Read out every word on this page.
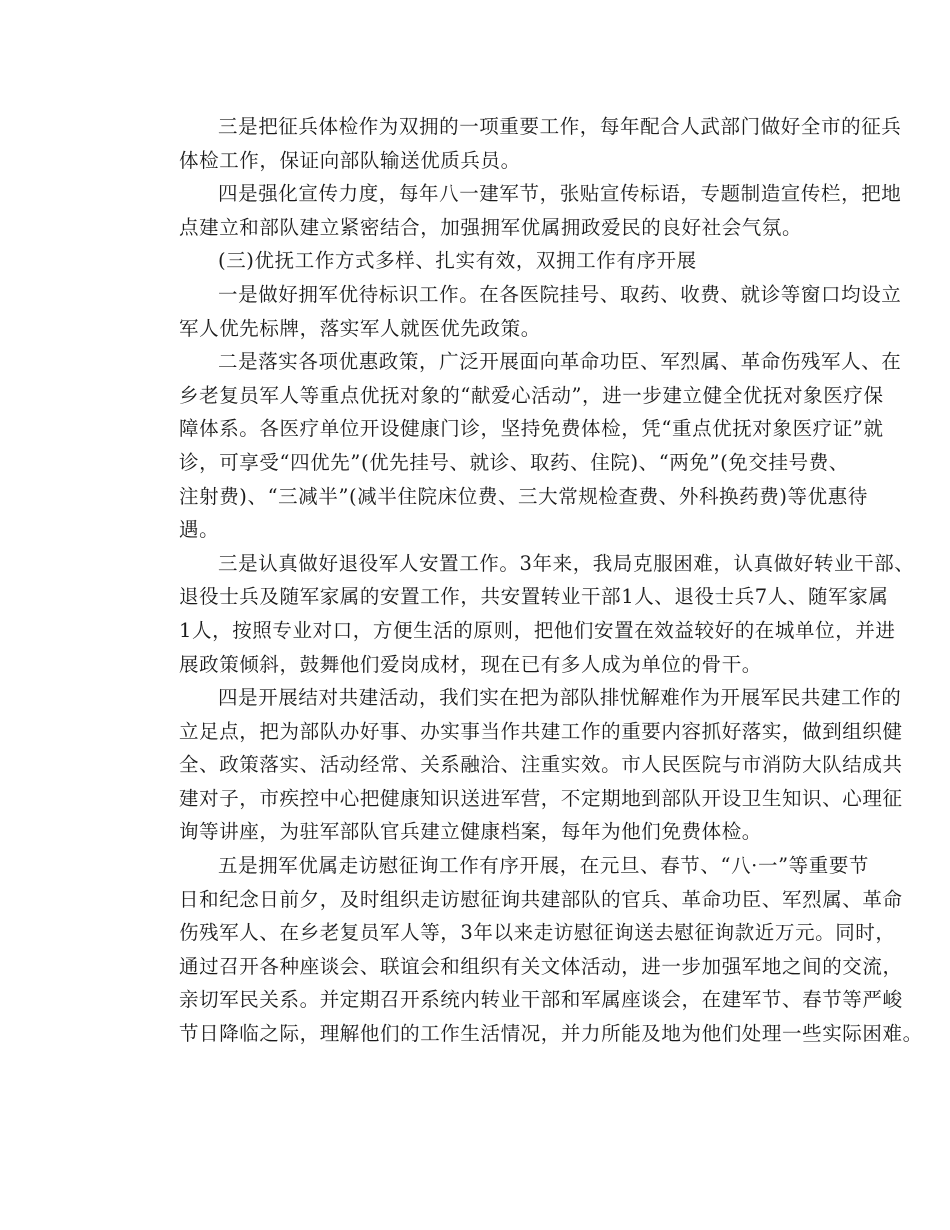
三是把征兵体检作为双拥的一项重要工作，每年配合人武部门做好全市的征兵
体检工作，保证向部队输送优质兵员。
四是强化宣传力度，每年八一建军节，张贴宣传标语，专题制造宣传栏，把地
点建立和部队建立紧密结合，加强拥军优属拥政爱民的良好社会气氛。
(三)优抚工作方式多样、扎实有效，双拥工作有序开展
一是做好拥军优待标识工作。在各医院挂号、取药、收费、就诊等窗口均设立
军人优先标牌，落实军人就医优先政策。
二是落实各项优惠政策，广泛开展面向革命功臣、军烈属、革命伤残军人、在
乡老复员军人等重点优抚对象的“献爱心活动”，进一步建立健全优抚对象医疗保
障体系。各医疗单位开设健康门诊，坚持免费体检，凭“重点优抚对象医疗证”就
诊，可享受“四优先”(优先挂号、就诊、取药、住院)、“两免”(免交挂号费、
注射费)、“三减半”(减半住院床位费、三大常规检查费、外科换药费)等优惠待
遇。
三是认真做好退役军人安置工作。3年来，我局克服困难，认真做好转业干部、
退役士兵及随军家属的安置工作，共安置转业干部1人、退役士兵7人、随军家属
1人，按照专业对口，方便生活的原则，把他们安置在效益较好的在城单位，并进
展政策倾斜，鼓舞他们爱岗成材，现在已有多人成为单位的骨干。
四是开展结对共建活动，我们实在把为部队排忧解难作为开展军民共建工作的
立足点，把为部队办好事、办实事当作共建工作的重要内容抓好落实，做到组织健
全、政策落实、活动经常、关系融洽、注重实效。市人民医院与市消防大队结成共
建对子，市疾控中心把健康知识送进军营，不定期地到部队开设卫生知识、心理征
询等讲座，为驻军部队官兵建立健康档案，每年为他们免费体检。
五是拥军优属走访慰征询工作有序开展，在元旦、春节、“八·一”等重要节
日和纪念日前夕，及时组织走访慰征询共建部队的官兵、革命功臣、军烈属、革命
伤残军人、在乡老复员军人等，3年以来走访慰征询送去慰征询款近万元。同时，
通过召开各种座谈会、联谊会和组织有关文体活动，进一步加强军地之间的交流，
亲切军民关系。并定期召开系统内转业干部和军属座谈会，在建军节、春节等严峻
节日降临之际，理解他们的工作生活情况，并力所能及地为他们处理一些实际困难。
